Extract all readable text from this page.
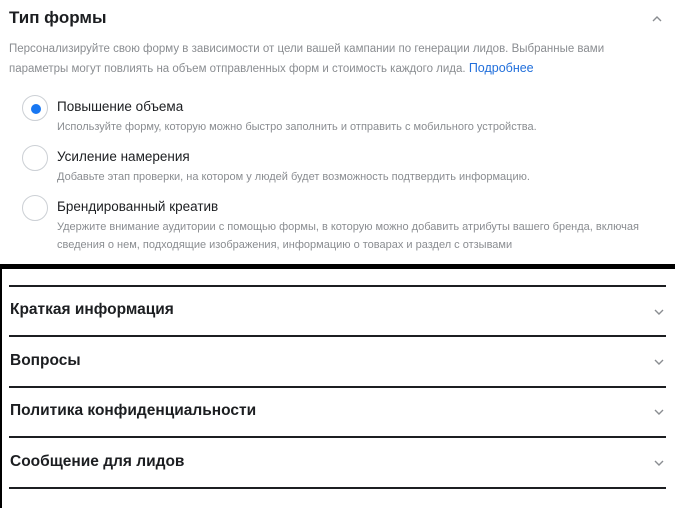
Тип формы
Персонализируйте свою форму в зависимости от цели вашей кампании по генерации лидов. Выбранные вами параметры могут повлиять на объем отправленных форм и стоимость каждого лида. Подробнее
Повышение объема
Используйте форму, которую можно быстро заполнить и отправить с мобильного устройства.
Усиление намерения
Добавьте этап проверки, на котором у людей будет возможность подтвердить информацию.
Брендированный креатив
Удержите внимание аудитории с помощью формы, в которую можно добавить атрибуты вашего бренда, включая сведения о нем, подходящие изображения, информацию о товарах и раздел с отзывами
Краткая информация
Вопросы
Политика конфиденциальности
Сообщение для лидов
